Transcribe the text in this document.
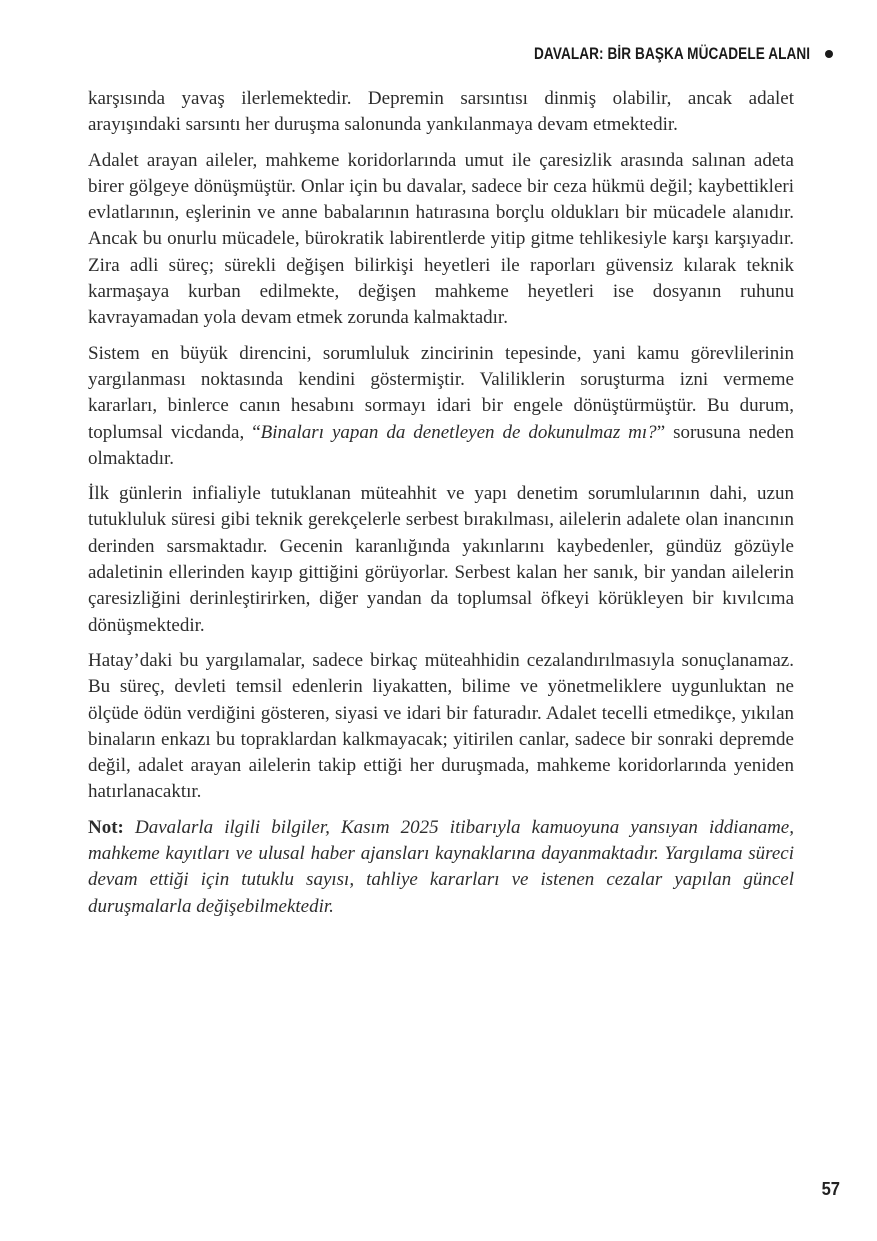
DAVALAR: BİR BAŞKA MÜCADELE ALANI

karşısında yavaş ilerlemektedir. Depremin sarsıntısı dinmiş olabilir, ancak adalet arayışındaki sarsıntı her duruşma salonunda yankılanmaya devam etmektedir.

Adalet arayan aileler, mahkeme koridorlarında umut ile çaresizlik arasında salınan adeta birer gölgeye dönüşmüştür. Onlar için bu davalar, sadece bir ceza hükmü değil; kaybettikleri evlatlarının, eşlerinin ve anne babalarının hatırasına borçlu oldukları bir mücadele alanıdır. Ancak bu onurlu mücadele, bürokratik labirentlerde yitip gitme tehlikesiyle karşı karşıyadır. Zira adli süreç; sürekli değişen bilirkişi heyetleri ile raporları güvensiz kılarak teknik karmaşaya kurban edilmekte, değişen mahkeme heyetleri ise dosyanın ruhunu kavrayamadan yola devam etmek zorunda kalmaktadır.

Sistem en büyük direncini, sorumluluk zincirinin tepesinde, yani kamu görevlilerinin yargılanması noktasında kendini göstermiştir. Valiliklerin soruşturma izni vermeme kararları, binlerce canın hesabını sormayı idari bir engele dönüştürmüştür. Bu durum, toplumsal vicdanda, “Binaları yapan da denetleyen de dokunulmaz mı?” sorusuna neden olmaktadır.

İlk günlerin infialiyle tutuklanan müteahhit ve yapı denetim sorumlularının dahi, uzun tutukluluk süresi gibi teknik gerekçelerle serbest bırakılması, ailelerin adalete olan inancının derinden sarsmaktadır. Gecenin karanlığında yakınlarını kaybedenler, gündüz gözüyle adaletinin ellerinden kayıp gittiğini görüyorlar. Serbest kalan her sanık, bir yandan ailelerin çaresizliğini derinleştirirken, diğer yandan da toplumsal öfkeyi körükleyen bir kıvılcıma dönüşmektedir.

Hatay’daki bu yargılamalar, sadece birkaç müteahhidin cezalandırılmasıyla sonuçlanamaz. Bu süreç, devleti temsil edenlerin liyakatten, bilime ve yönetmeliklere uygunluktan ne ölçüde ödün verdiğini gösteren, siyasi ve idari bir faturadır. Adalet tecelli etmedikçe, yıkılan binaların enkazı bu topraklardan kalkmayacak; yitirilen canlar, sadece bir sonraki depremde değil, adalet arayan ailelerin takip ettiği her duruşmada, mahkeme koridorlarında yeniden hatırlanacaktır.

Not: Davalarla ilgili bilgiler, Kasım 2025 itibarıyla kamuoyuna yansıyan iddianame, mahkeme kayıtları ve ulusal haber ajansları kaynaklarına dayanmaktadır. Yargılama süreci devam ettiği için tutuklu sayısı, tahliye kararları ve istenen cezalar yapılan güncel duruşmalarla değişebilmektedir.

57
